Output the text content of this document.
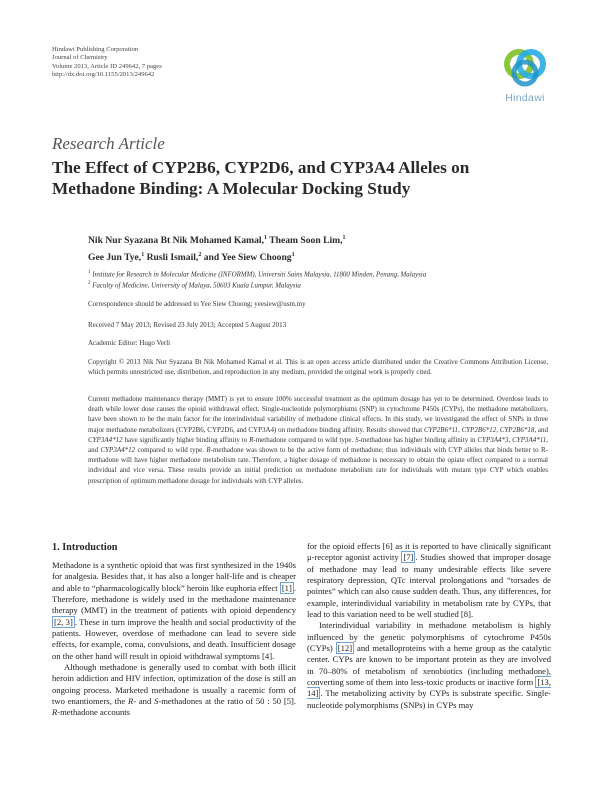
Hindawi Publishing Corporation
Journal of Chemistry
Volume 2013, Article ID 249642, 7 pages
http://dx.doi.org/10.1155/2013/249642
Hindawi
Research Article
The Effect of CYP2B6, CYP2D6, and CYP3A4 Alleles on Methadone Binding: A Molecular Docking Study
Nik Nur Syazana Bt Nik Mohamed Kamal,$^1$ Theam Soon Lim,$^1$
Gee Jun Tye,$^1$ Rusli Ismail,$^2$ and Yee Siew Choong$^1$
$^1$ Institute for Research in Molecular Medicine (INFORMM), Universiti Sains Malaysia, 11800 Minden, Penang, Malaysia
$^2$ Faculty of Medicine, University of Malaya, 50603 Kuala Lumpur, Malaysia
Correspondence should be addressed to Yee Siew Choong; yeesiew@usm.my
Received 7 May 2013; Revised 23 July 2013; Accepted 5 August 2013
Academic Editor: Hugo Verli
Copyright © 2013 Nik Nur Syazana Bt Nik Mohamed Kamal et al. This is an open access article distributed under the Creative Commons Attribution License, which permits unrestricted use, distribution, and reproduction in any medium, provided the original work is properly cited.
Current methadone maintenance therapy (MMT) is yet to ensure 100% successful treatment as the optimum dosage has yet to be determined. Overdose leads to death while lower dose causes the opioid withdrawal effect. Single-nucleotide polymorphisms (SNP) in cytochrome P450s (CYPs), the methadone metabolizers, have been shown to be the main factor for the interindividual variability of methadone clinical effects. In this study, we investigated the effect of SNPs in three major methadone metabolizers (CYP2B6, CYP2D6, and CYP3A4) on methadone binding affinity. Results showed that CYP2B6*11, CYP2B6*12, CYP2B6*18, and CYP3A4*12 have significantly higher binding affinity to R-methadone compared to wild type. S-methadone has higher binding affinity in CYP3A4*3, CYP3A4*11, and CYP3A4*12 compared to wild type. R-methadone was shown to be the active form of methadone; thus individuals with CYP alleles that binds better to R-methadone will have higher methadone metabolism rate. Therefore, a higher dosage of methadone is necessary to obtain the opiate effect compared to a normal individual and vice versa. These results provide an initial prediction on methadone metabolism rate for individuals with mutant type CYP which enables prescription of optimum methadone dosage for individuals with CYP alleles.
1. Introduction

Methadone is a synthetic opioid that was first synthesized in the 1940s for analgesia. Besides that, it has also a longer half-life and is cheaper and able to “pharmacologically block” heroin like euphoria effect [1] . Therefore, methadone is widely used in the methadone maintenance therapy (MMT) in the treatment of patients with opioid dependency [2, 3] . These in turn improve the health and social productivity of the patients. However, overdose of methadone can lead to severe side effects, for example, coma, convulsions, and death. Insufficient dosage on the other hand will result in opioid withdrawal symptoms [4].

Although methadone is generally used to combat with both illicit heroin addiction and HIV infection, optimization of the dose is still an ongoing process. Marketed methadone is usually a racemic form of two enantiomers, the R- and S-methadones at the ratio of 50 : 50 [5]. R-methadone accounts

for the opioid effects [6] as it is reported to have clinically significant μ-receptor agonist activity [7] . Studies showed that improper dosage of methadone may lead to many undesirable effects like severe respiratory depression, QTc interval prolongations and “torsades de pointes” which can also cause sudden death. Thus, any differences, for example, interindividual variability in metabolism rate by CYPs, that lead to this variation need to be well studied [8].

Interindividual variability in methadone metabolism is highly influenced by the genetic polymorphisms of cytochrome P450s (CYPs) [12] and metalloproteins with a heme group as the catalytic center. CYPs are known to be important protein as they are involved in 70–80% of metabolism of xenobiotics (including methadone), converting some of them into less-toxic products or inactive form [13, 14] . The metabolizing activity by CYPs is substrate specific. Single-nucleotide polymorphisms (SNPs) in CYPs may
